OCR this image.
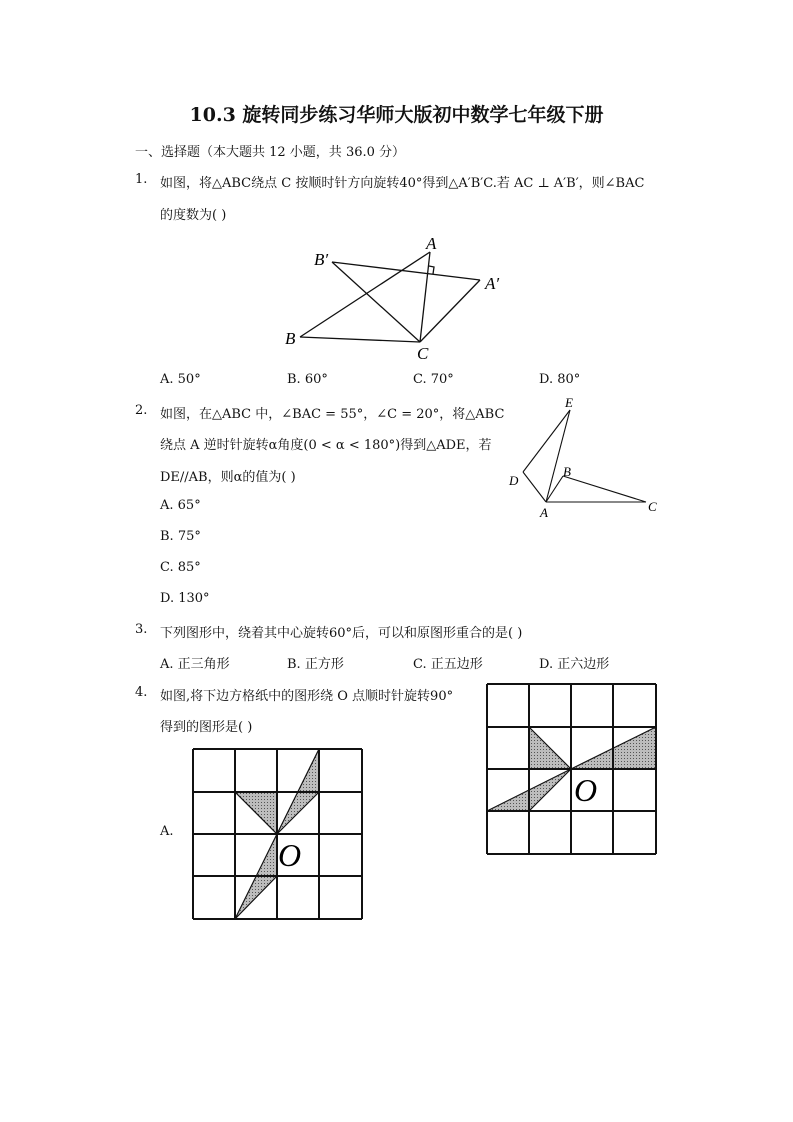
10.3 旋转同步练习华师大版初中数学七年级下册
一、选择题（本大题共 12 小题，共 36.0 分）
1. 如图，将△ABC绕点 C 按顺时针方向旋转40°得到△A′B′C.若 AC ⊥ A′B′，则∠BAC
的度数为( )
B′
A
A′
B
C
A. 50°	B. 60°	C. 70°	D. 80°
2. 如图，在△ABC 中，∠BAC = 55°，∠C = 20°，将△ABC
绕点 A 逆时针旋转α角度(0 < α < 180°)得到△ADE，若
DE//AB，则α的值为( )
A. 65°
B. 75°
C. 85°
D. 130°
E
D
B
A	C
3. 下列图形中，绕着其中心旋转60°后，可以和原图形重合的是( )
A. 正三角形	B. 正方形	C. 正五边形	D. 正六边形
4. 如图,将下边方格纸中的图形绕 O 点顺时针旋转90°
得到的图形是( )
O
A.
O
